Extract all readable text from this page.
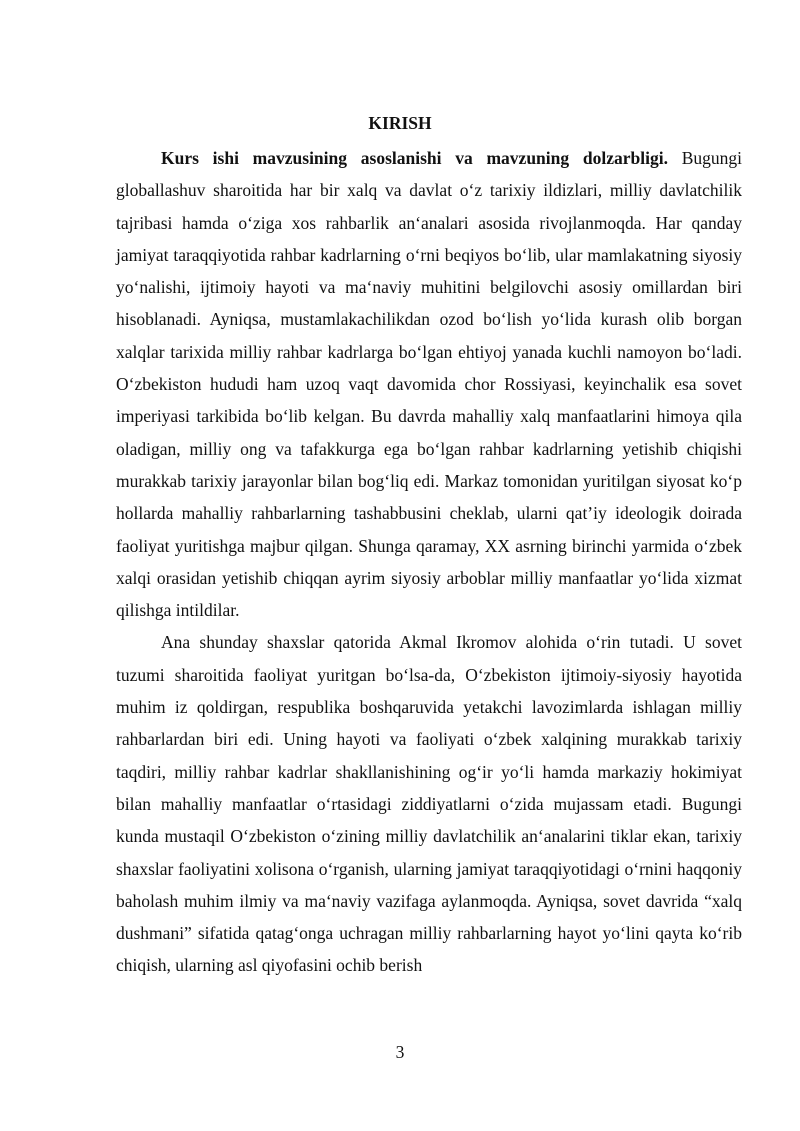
KIRISH

Kurs ishi mavzusining asoslanishi va mavzuning dolzarbligi. Bugungi globallashuv sharoitida har bir xalq va davlat o‘z tarixiy ildizlari, milliy davlatchilik tajribasi hamda o‘ziga xos rahbarlik an‘analari asosida rivojlanmoqda. Har qanday jamiyat taraqqiyotida rahbar kadrlarning o‘rni beqiyos bo‘lib, ular mamlakatning siyosiy yo‘nalishi, ijtimoiy hayoti va ma‘naviy muhitini belgilovchi asosiy omillardan biri hisoblanadi. Ayniqsa, mustamlakachilikdan ozod bo‘lish yo‘lida kurash olib borgan xalqlar tarixida milliy rahbar kadrlarga bo‘lgan ehtiyoj yanada kuchli namoyon bo‘ladi. O‘zbekiston hududi ham uzoq vaqt davomida chor Rossiyasi, keyinchalik esa sovet imperiyasi tarkibida bo‘lib kelgan. Bu davrda mahalliy xalq manfaatlarini himoya qila oladigan, milliy ong va tafakkurga ega bo‘lgan rahbar kadrlarning yetishib chiqishi murakkab tarixiy jarayonlar bilan bog‘liq edi. Markaz tomonidan yuritilgan siyosat ko‘p hollarda mahalliy rahbarlarning tashabbusini cheklab, ularni qat’iy ideologik doirada faoliyat yuritishga majbur qilgan. Shunga qaramay, XX asrning birinchi yarmida o‘zbek xalqi orasidan yetishib chiqqan ayrim siyosiy arboblar milliy manfaatlar yo‘lida xizmat qilishga intildilar.

Ana shunday shaxslar qatorida Akmal Ikromov alohida o‘rin tutadi. U sovet tuzumi sharoitida faoliyat yuritgan bo‘lsa-da, O‘zbekiston ijtimoiy-siyosiy hayotida muhim iz qoldirgan, respublika boshqaruvida yetakchi lavozimlarda ishlagan milliy rahbarlardan biri edi. Uning hayoti va faoliyati o‘zbek xalqining murakkab tarixiy taqdiri, milliy rahbar kadrlar shakllanishining og‘ir yo‘li hamda markaziy hokimiyat bilan mahalliy manfaatlar o‘rtasidagi ziddiyatlarni o‘zida mujassam etadi. Bugungi kunda mustaqil O‘zbekiston o‘zining milliy davlatchilik an‘analarini tiklar ekan, tarixiy shaxslar faoliyatini xolisona o‘rganish, ularning jamiyat taraqqiyotidagi o‘rnini haqqoniy baholash muhim ilmiy va ma‘naviy vazifaga aylanmoqda. Ayniqsa, sovet davrida “xalq dushmani” sifatida qatag‘onga uchragan milliy rahbarlarning hayot yo‘lini qayta ko‘rib chiqish, ularning asl qiyofasini ochib berish

3
